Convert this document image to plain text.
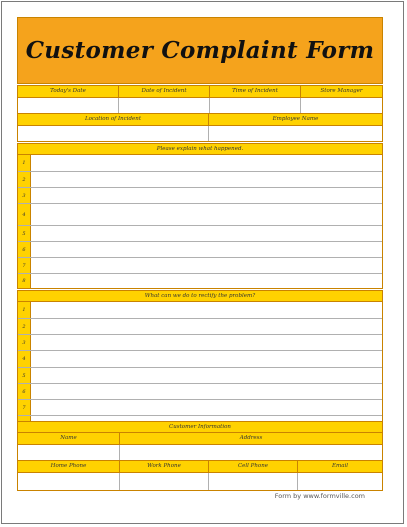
Customer Complaint Form
Today's Date	Date of Incident	Time of Incident	Store Manager
Location of Incident	Employee Name
Please explain what happened.
1
2
3
4
5
6
7
8
What can we do to rectify the problem?
1
2
3
4
5
6
7
Customer Information
Name	Address
Home Phone	Work Phone	Cell Phone	Email
Form by www.formville.com
